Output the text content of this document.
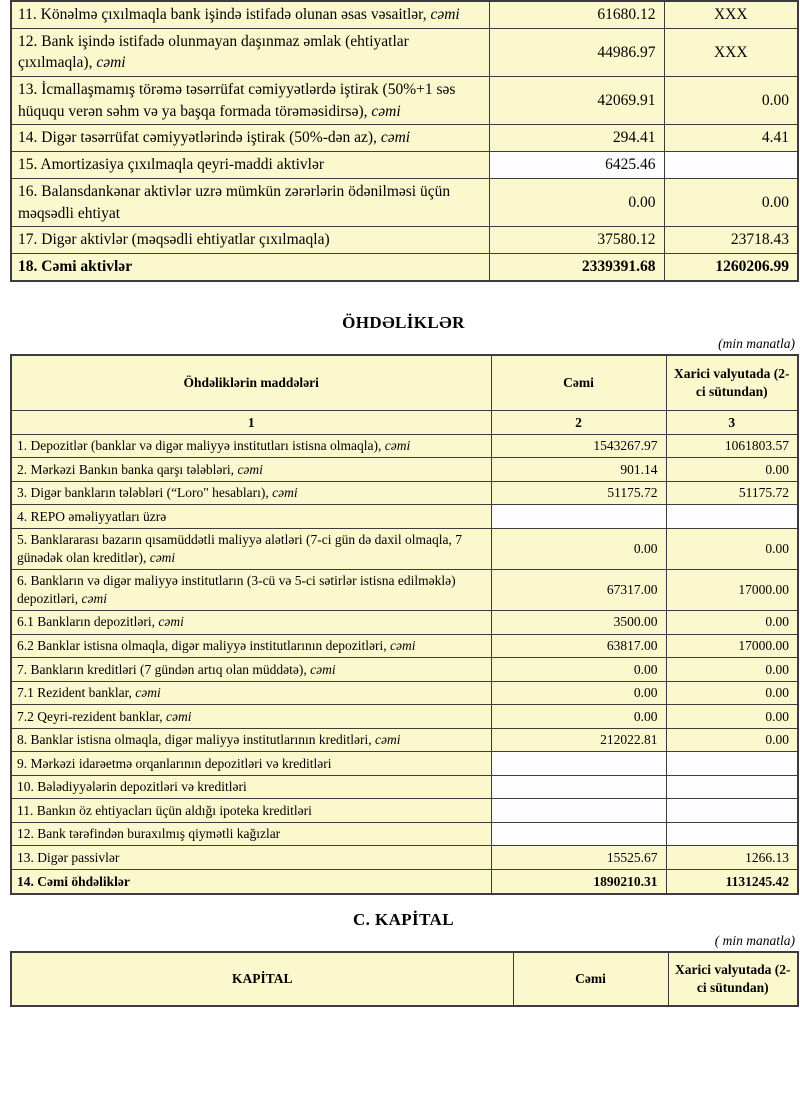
11. Könəlmə çıxılmaqla bank işində istifadə olunan əsas vəsaitlər, cəmi	61680.12	XXX
12. Bank işində istifadə olunmayan daşınmaz əmlak (ehtiyatlar çıxılmaqla), cəmi	44986.97	XXX
13. İcmallaşmamış törəmə təsərrüfat cəmiyyətlərdə iştirak (50%+1 səs hüququ verən səhm və ya başqa formada törəməsidirsə), cəmi	42069.91	0.00
14. Digər təsərrüfat cəmiyyətlərində iştirak (50%-dən az), cəmi	294.41	4.41
15. Amortizasiya çıxılmaqla qeyri-maddi aktivlər	6425.46	
16. Balansdankənar aktivlər uzrə mümkün zərərlərin ödənilməsi üçün məqsədli ehtiyat	0.00	0.00
17. Digər aktivlər (məqsədli ehtiyatlar çıxılmaqla)	37580.12	23718.43
18. Cəmi aktivlər	2339391.68	1260206.99
ÖHDƏLİKLƏR
(min manatla)
Öhdəliklərin maddələri	Cəmi	Xarici valyutada (2-ci sütundan)
1	2	3
1. Depozitlər (banklar və digər maliyyə institutları istisna olmaqla), cəmi	1543267.97	1061803.57
2. Mərkəzi Bankın banka qarşı tələbləri, cəmi	901.14	0.00
3. Digər bankların tələbləri (“Loro" hesabları), cəmi	51175.72	51175.72
4. REPO əməliyyatları üzrə		
5. Banklararası bazarın qısamüddətli maliyyə alətləri (7-ci gün də daxil olmaqla, 7 günədək olan kreditlər), cəmi	0.00	0.00
6. Bankların və digər maliyyə institutların (3-cü və 5-ci sətirlər istisna edilməklə) depozitləri, cəmi	67317.00	17000.00
6.1 Bankların depozitləri, cəmi	3500.00	0.00
6.2 Banklar istisna olmaqla, digər maliyyə institutlarının depozitləri, cəmi	63817.00	17000.00
7. Bankların kreditləri (7 gündən artıq olan müddətə), cəmi	0.00	0.00
7.1 Rezident banklar, cəmi	0.00	0.00
7.2 Qeyri-rezident banklar, cəmi	0.00	0.00
8. Banklar istisna olmaqla, digər maliyyə institutlarının kreditləri, cəmi	212022.81	0.00
9. Mərkəzi idarəetmə orqanlarının depozitləri və kreditləri		
10. Bələdiyyələrin depozitləri və kreditləri		
11. Bankın öz ehtiyacları üçün aldığı ipoteka kreditləri		
12. Bank tərəfindən buraxılmış qiymətli kağızlar		
13. Digər passivlər	15525.67	1266.13
14. Cəmi öhdəliklər	1890210.31	1131245.42
C. KAPİTAL
( min manatla)
KAPİTAL	Cəmi	Xarici valyutada (2-ci sütundan)
